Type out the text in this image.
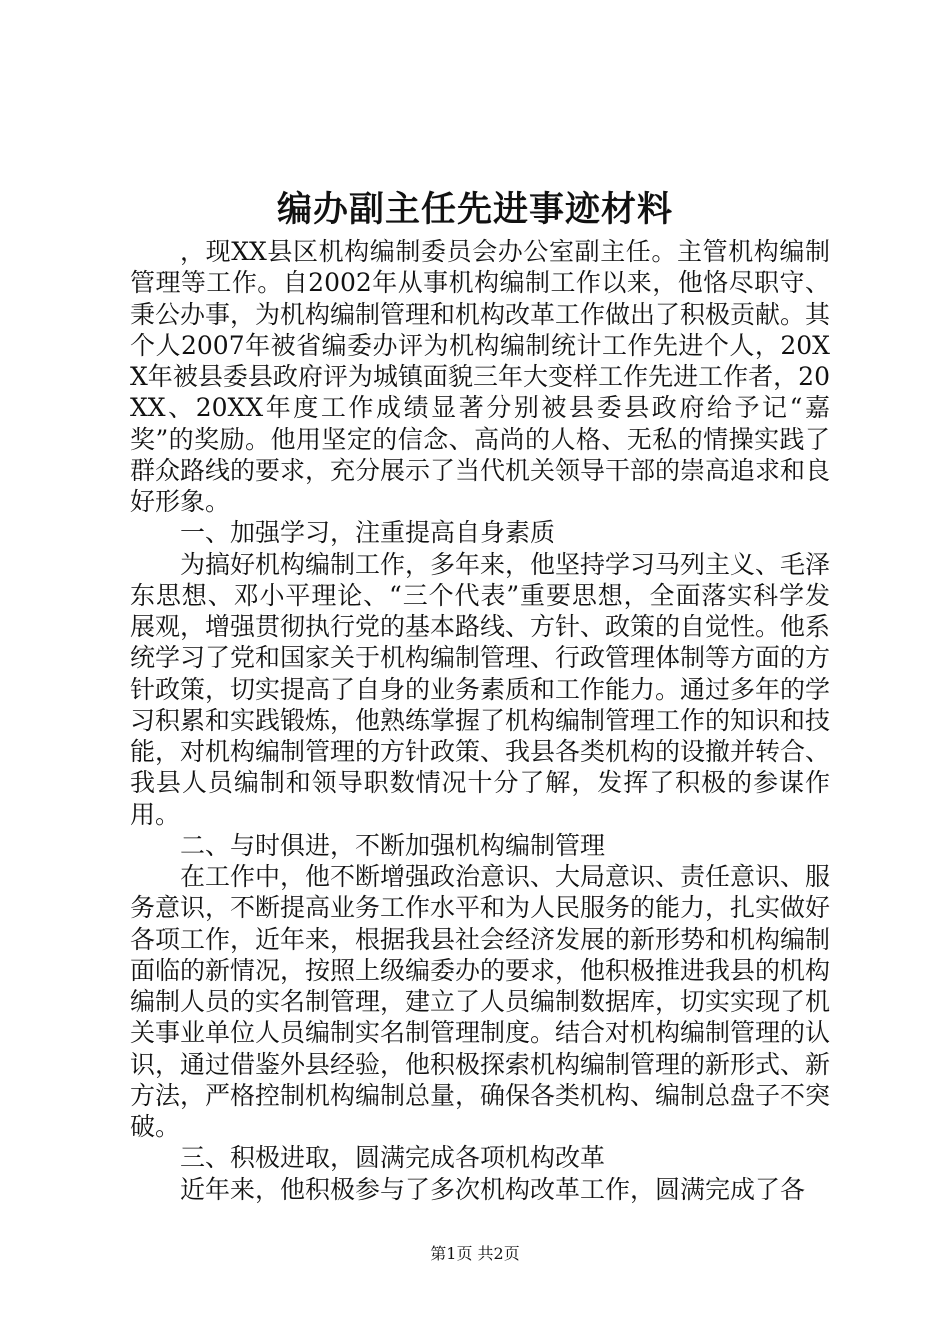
编办副主任先进事迹材料

，现XX县区机构编制委员会办公室副主任。主管机构编制管理等工作。自2002年从事机构编制工作以来，他恪尽职守、秉公办事，为机构编制管理和机构改革工作做出了积极贡献。其个人2007年被省编委办评为机构编制统计工作先进个人，20XX年被县委县政府评为城镇面貌三年大变样工作先进工作者，20XX、20XX年度工作成绩显著分别被县委县政府给予记“嘉奖”的奖励。他用坚定的信念、高尚的人格、无私的情操实践了群众路线的要求，充分展示了当代机关领导干部的崇高追求和良好形象。

一、加强学习，注重提高自身素质

为搞好机构编制工作，多年来，他坚持学习马列主义、毛泽东思想、邓小平理论、“三个代表”重要思想，全面落实科学发展观，增强贯彻执行党的基本路线、方针、政策的自觉性。他系统学习了党和国家关于机构编制管理、行政管理体制等方面的方针政策，切实提高了自身的业务素质和工作能力。通过多年的学习积累和实践锻炼，他熟练掌握了机构编制管理工作的知识和技能，对机构编制管理的方针政策、我县各类机构的设撤并转合、我县人员编制和领导职数情况十分了解，发挥了积极的参谋作用。

二、与时俱进，不断加强机构编制管理

在工作中，他不断增强政治意识、大局意识、责任意识、服务意识，不断提高业务工作水平和为人民服务的能力，扎实做好各项工作，近年来，根据我县社会经济发展的新形势和机构编制面临的新情况，按照上级编委办的要求，他积极推进我县的机构编制人员的实名制管理，建立了人员编制数据库，切实实现了机关事业单位人员编制实名制管理制度。结合对机构编制管理的认识，通过借鉴外县经验，他积极探索机构编制管理的新形式、新方法，严格控制机构编制总量，确保各类机构、编制总盘子不突破。

三、积极进取，圆满完成各项机构改革

近年来，他积极参与了多次机构改革工作，圆满完成了各

第1页 共2页
